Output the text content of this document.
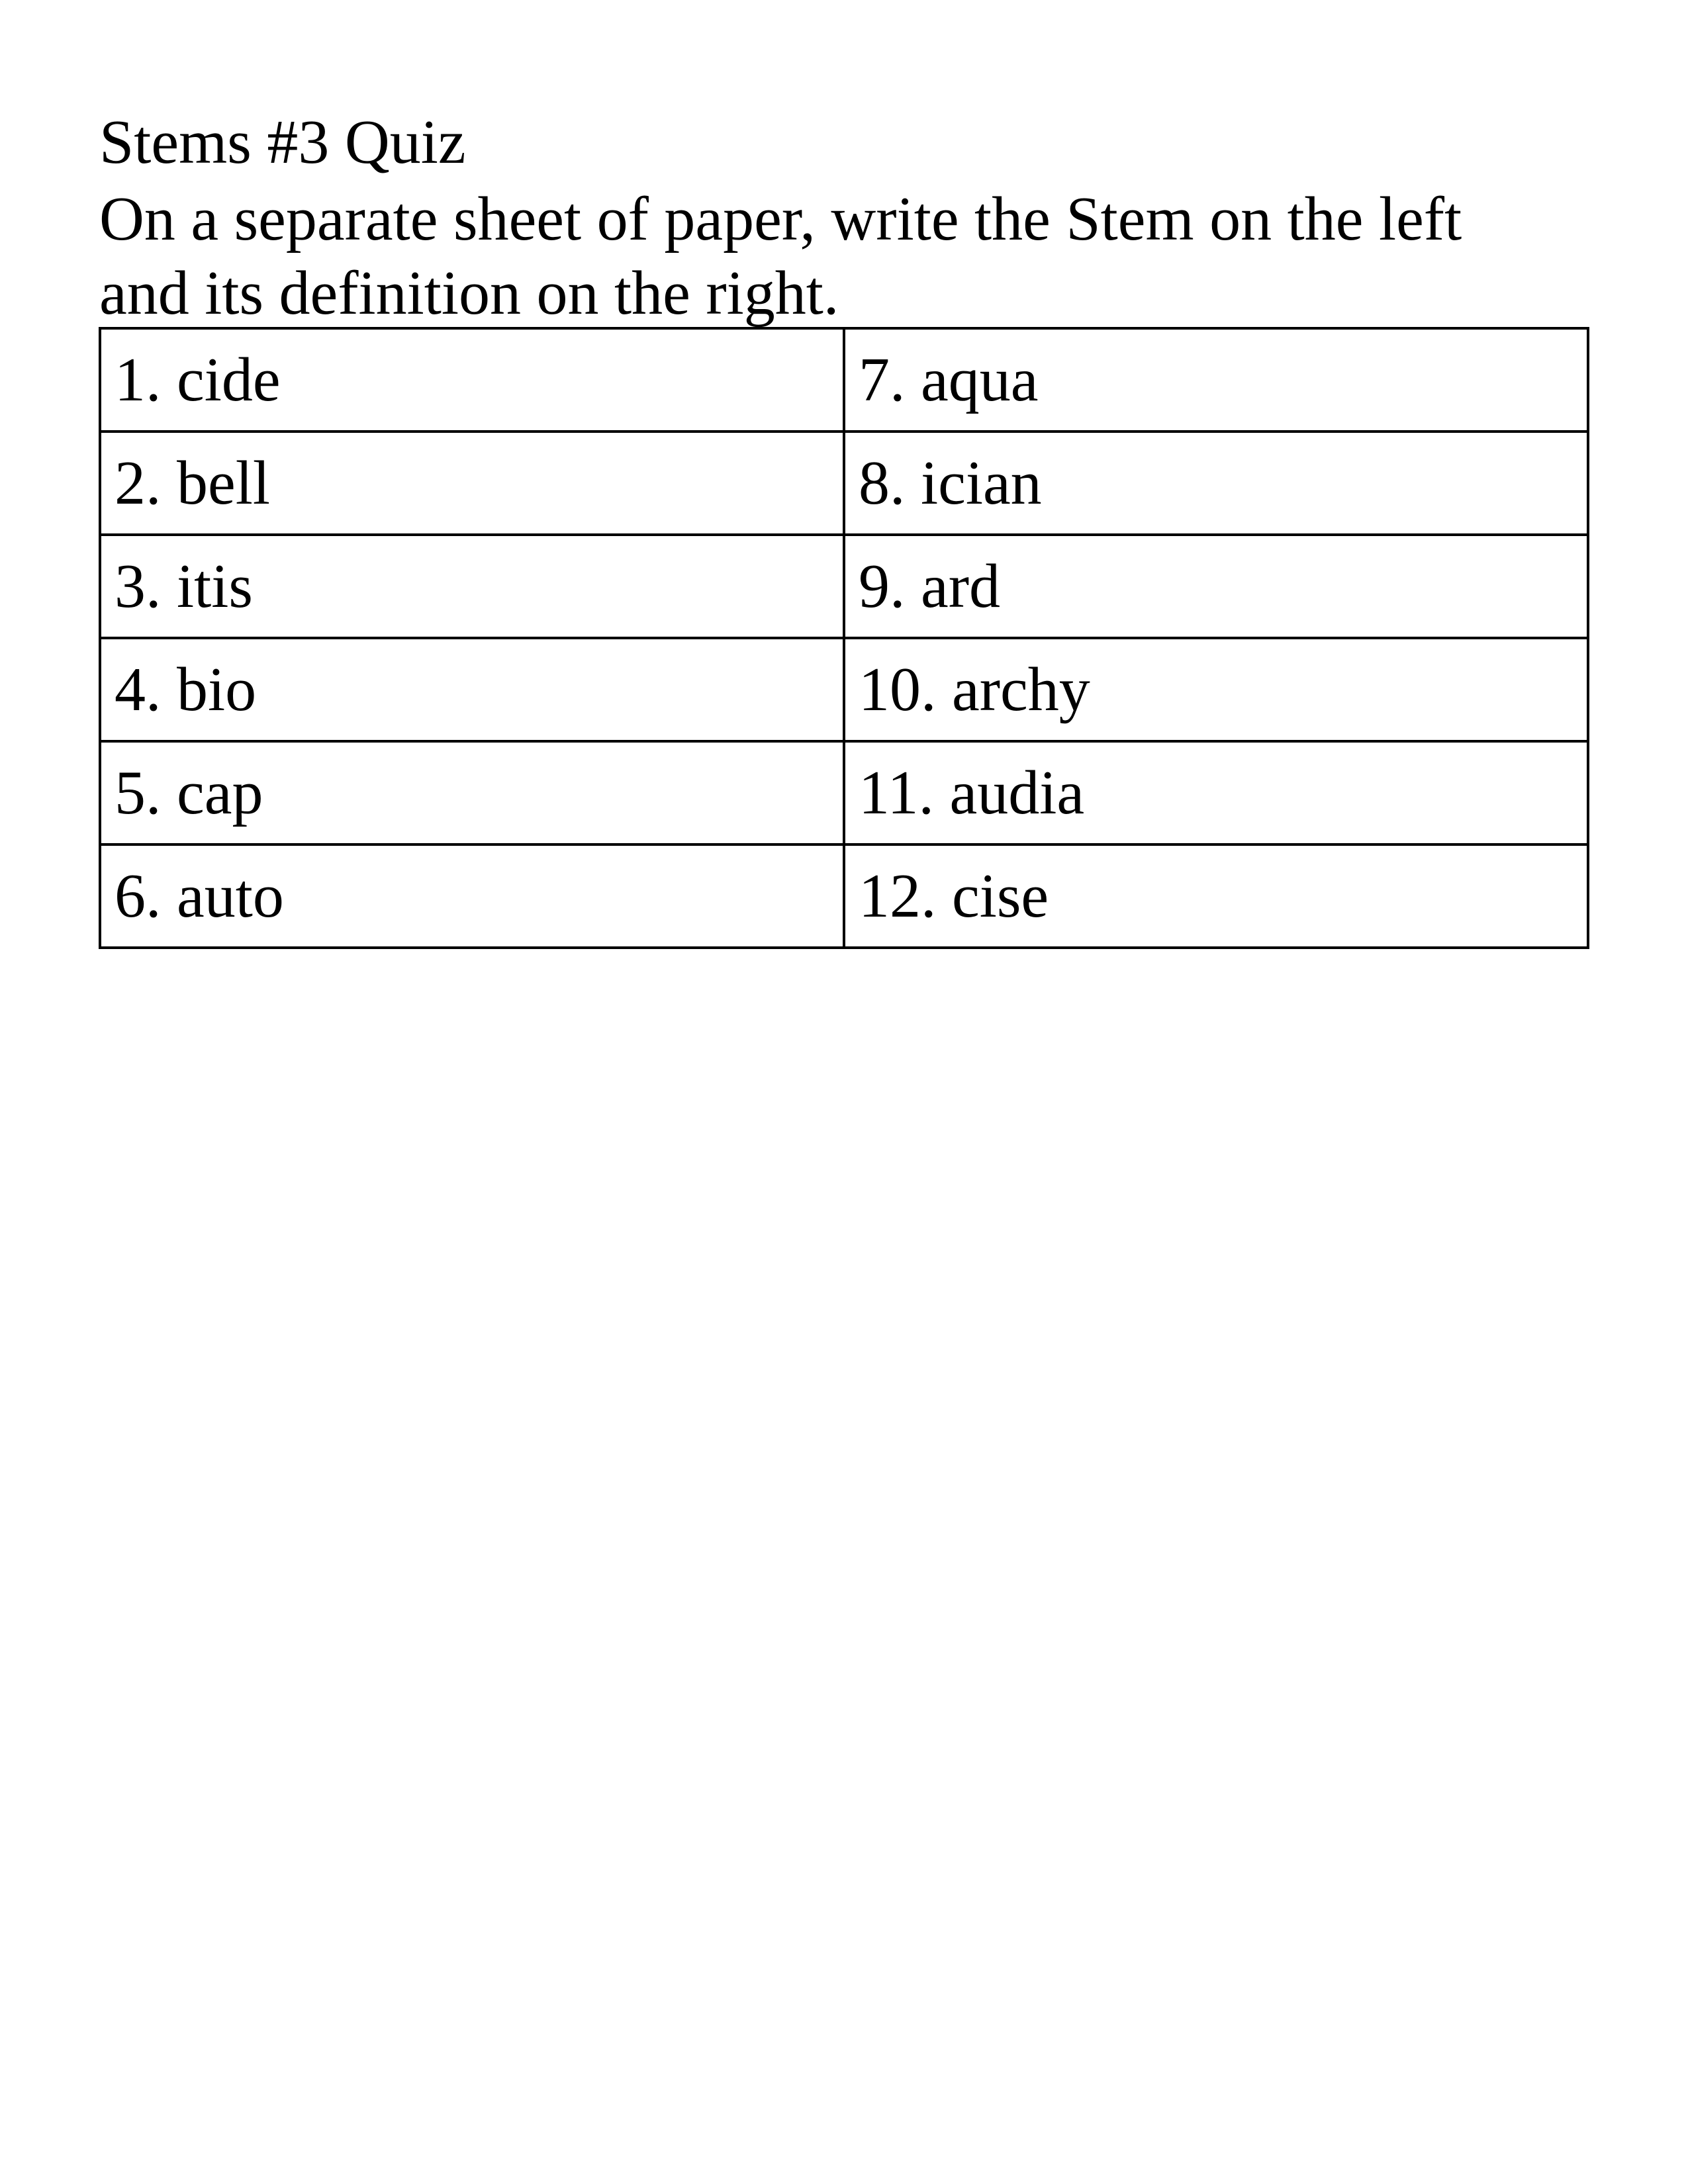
Stems #3 Quiz
On a separate sheet of paper, write the Stem on the left
and its definition on the right.
1. cide	7. aqua
2. bell	8. ician
3. itis	9. ard
4. bio	10. archy
5. cap	11. audia
6. auto	12. cise
